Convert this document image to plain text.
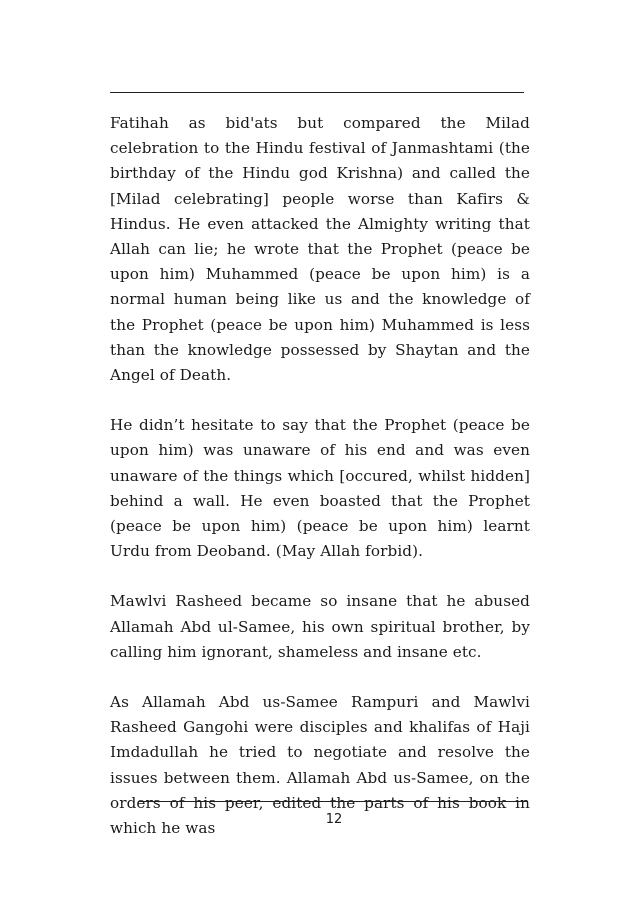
Fatihah as bid'ats but compared the Milad celebration to the Hindu festival of Janmashtami (the birthday of the Hindu god Krishna) and called the [Milad celebrating] people worse than Kafirs & Hindus. He even attacked the Almighty writing that Allah can lie; he wrote that the Prophet (peace be upon him) Muhammed (peace be upon him) is a normal human being like us and the knowledge of the Prophet (peace be upon him) Muhammed is less than the knowledge possessed by Shaytan and the Angel of Death.

He didn’t hesitate to say that the Prophet (peace be upon him) was unaware of his end and was even unaware of the things which [occured, whilst hidden] behind a wall. He even boasted that the Prophet (peace be upon him) (peace be upon him) learnt Urdu from Deoband. (May Allah forbid).

Mawlvi Rasheed became so insane that he abused Allamah Abd ul-Samee, his own spiritual brother, by calling him ignorant, shameless and insane etc.

As Allamah Abd us-Samee Rampuri and Mawlvi Rasheed Gangohi were disciples and khalifas of Haji Imdadullah he tried to negotiate and resolve the issues between them. Allamah Abd us-Samee, on the orders of his peer, edited the parts of his book in which he was	12
